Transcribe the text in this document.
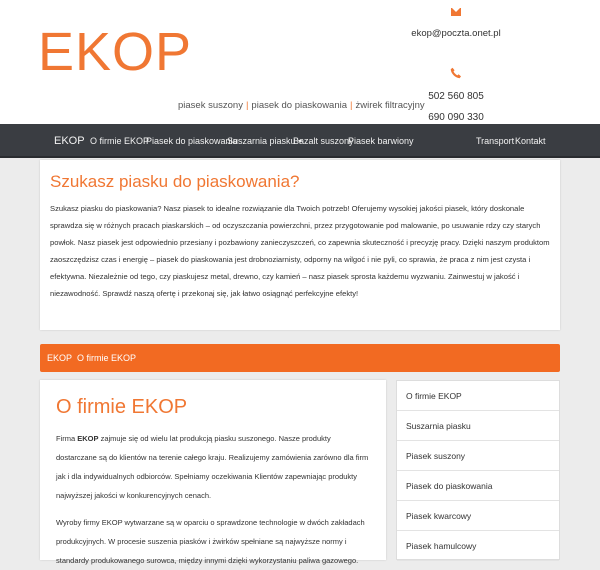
EKOP
piasek suszony | piasek do piaskowania | żwirek filtracyjny
ekop@poczta.onet.pl
502 560 805
690 090 330
EKOP O firmie EKOP
Piasek do piaskowania
Suszarnia piasku
Bazalt suszony
Piasek barwiony	Transport Kontakt
Szukasz piasku do piaskowania?

Szukasz piasku do piaskowania? Nasz piasek to idealne rozwiązanie dla Twoich potrzeb! Oferujemy wysokiej jakości piasek, który doskonale sprawdza się w różnych pracach piaskarskich – od oczyszczania powierzchni, przez przygotowanie pod malowanie, po usuwanie rdzy czy starych powłok. Nasz piasek jest odpowiednio przesiany i pozbawiony zanieczyszczeń, co zapewnia skuteczność i precyzję pracy. Dzięki naszym produktom zaoszczędzisz czas i energię – piasek do piaskowania jest drobnoziarnisty, odporny na wilgoć i nie pyli, co sprawia, że praca z nim jest czysta i efektywna. Niezależnie od tego, czy piaskujesz metal, drewno, czy kamień – nasz piasek sprosta każdemu wyzwaniu. Zainwestuj w jakość i niezawodność. Sprawdź naszą ofertę i przekonaj się, jak łatwo osiągnąć perfekcyjne efekty!

EKOP O firmie EKOP
O firmie EKOP

Firma EKOP zajmuje się od wielu lat produkcją piasku suszonego. Nasze produkty dostarczane są do klientów na terenie całego kraju. Realizujemy zamówienia zarówno dla firm jak i dla indywidualnych odbiorców. Spełniamy oczekiwania Klientów zapewniając produkty najwyższej jakości w konkurencyjnych cenach.

Wyroby firmy EKOP wytwarzane są w oparciu o sprawdzone technologie w dwóch zakładach produkcyjnych. W procesie suszenia piasków i żwirków spełniane są najwyższe normy i standardy produkowanego surowca, między innymi dzięki wykorzystaniu paliwa gazowego.

O firmie EKOP
Suszarnia piasku
Piasek suszony
Piasek do piaskowania
Piasek kwarcowy
Piasek hamulcowy
